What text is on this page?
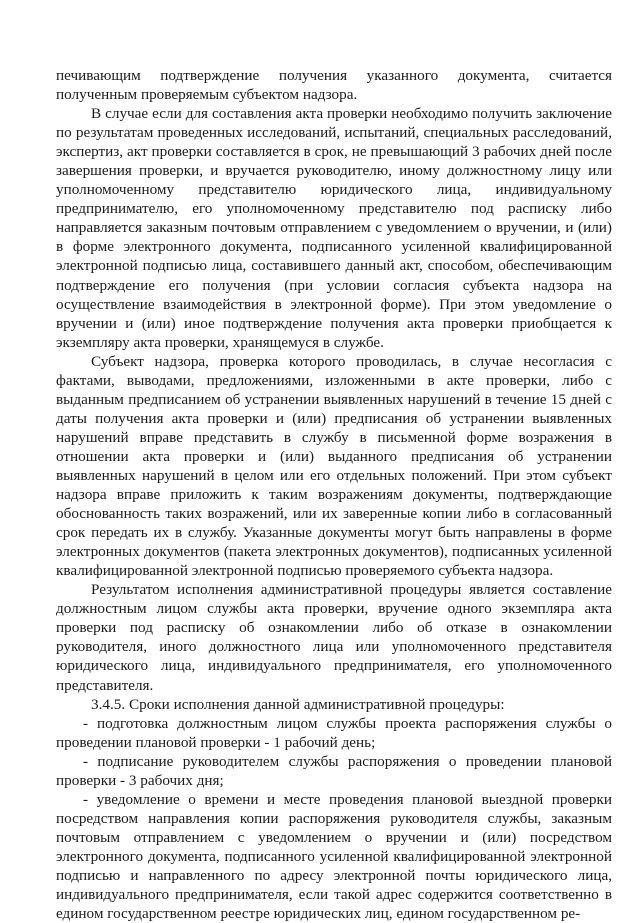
печивающим подтверждение получения указанного документа, считается полученным проверяемым субъектом надзора.

В случае если для составления акта проверки необходимо получить заключение по результатам проведенных исследований, испытаний, специальных расследований, экспертиз, акт проверки составляется в срок, не превышающий 3 рабочих дней после завершения проверки, и вручается руководителю, иному должностному лицу или уполномоченному представителю юридического лица, индивидуальному предпринимателю, его уполномоченному представителю под расписку либо направляется заказным почтовым отправлением с уведомлением о вручении, и (или) в форме электронного документа, подписанного усиленной квалифицированной электронной подписью лица, составившего данный акт, способом, обеспечивающим подтверждение его получения (при условии согласия субъекта надзора на осуществление взаимодействия в электронной форме). При этом уведомление о вручении и (или) иное подтверждение получения акта проверки приобщается к экземпляру акта проверки, хранящемуся в службе.

Субъект надзора, проверка которого проводилась, в случае несогласия с фактами, выводами, предложениями, изложенными в акте проверки, либо с выданным предписанием об устранении выявленных нарушений в течение 15 дней с даты получения акта проверки и (или) предписания об устранении выявленных нарушений вправе представить в службу в письменной форме возражения в отношении акта проверки и (или) выданного предписания об устранении выявленных нарушений в целом или его отдельных положений. При этом субъект надзора вправе приложить к таким возражениям документы, подтверждающие обоснованность таких возражений, или их заверенные копии либо в согласованный срок передать их в службу. Указанные документы могут быть направлены в форме электронных документов (пакета электронных документов), подписанных усиленной квалифицированной электронной подписью проверяемого субъекта надзора.

Результатом исполнения административной процедуры является составление должностным лицом службы акта проверки, вручение одного экземпляра акта проверки под расписку об ознакомлении либо об отказе в ознакомлении руководителя, иного должностного лица или уполномоченного представителя юридического лица, индивидуального предпринимателя, его уполномоченного представителя.

3.4.5. Сроки исполнения данной административной процедуры:

- подготовка должностным лицом службы проекта распоряжения службы о проведении плановой проверки - 1 рабочий день;

- подписание руководителем службы распоряжения о проведении плановой проверки - 3 рабочих дня;

- уведомление о времени и месте проведения плановой выездной проверки посредством направления копии распоряжения руководителя службы, заказным почтовым отправлением с уведомлением о вручении и (или) посредством электронного документа, подписанного усиленной квалифицированной электронной подписью и направленного по адресу электронной почты юридического лица, индивидуального предпринимателя, если такой адрес содержится соответственно в едином государственном реестре юридических лиц, едином государственном ре-
